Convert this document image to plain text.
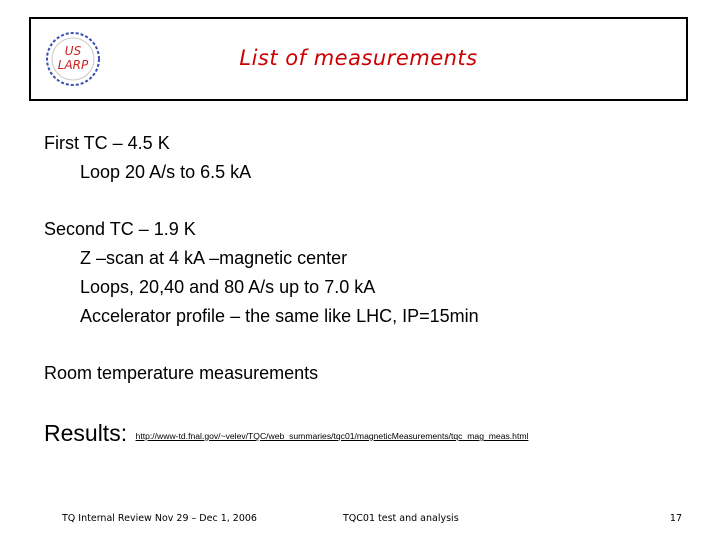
US
LARP	List of measurements
First TC – 4.5 K
Loop 20 A/s to 6.5 kA
Second TC – 1.9 K
Z –scan at 4 kA –magnetic center
Loops, 20,40 and 80 A/s up to 7.0 kA
Accelerator profile – the same like LHC, IP=15min
Room temperature measurements
Results: http://www-td.fnal.gov/~velev/TQC/web_summaries/tqc01/magneticMeasurements/tqc_mag_meas.html
TQ Internal Review Nov 29 – Dec 1, 2006	TQC01 test and analysis	17
